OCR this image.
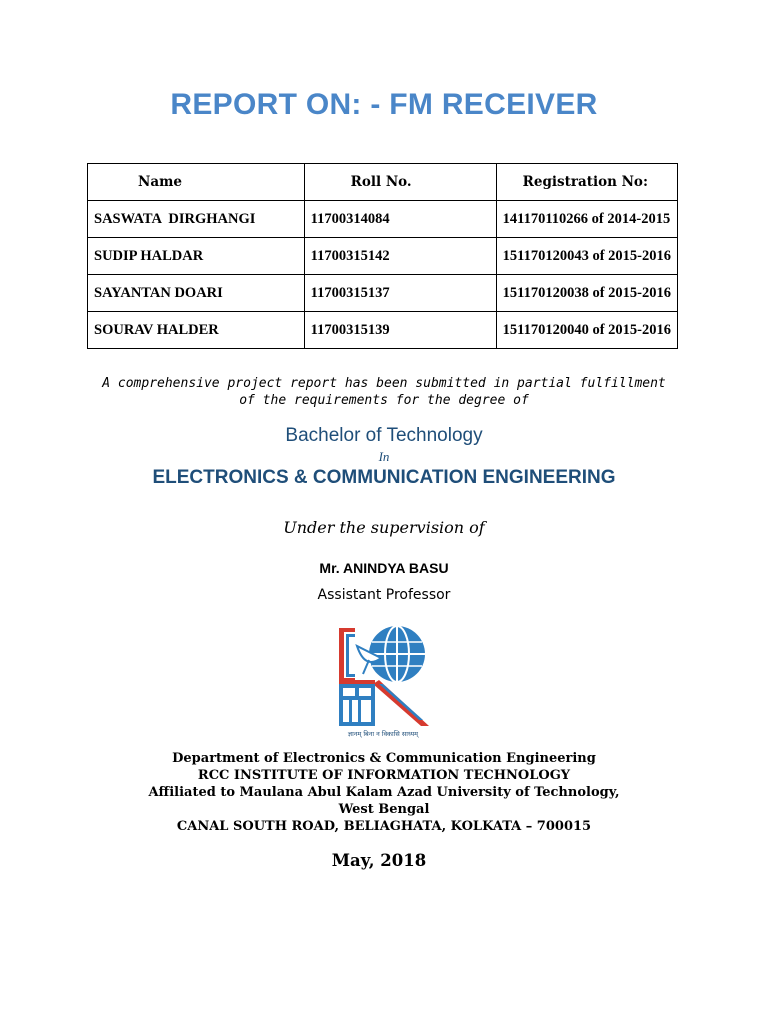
REPORT ON: - FM RECEIVER
Name	Roll No.	Registration No:
SASWATA  DIRGHANGI	11700314084	141170110266 of 2014-2015
SUDIP HALDAR	11700315142	151170120043 of 2015-2016
SAYANTAN DOARI	11700315137	151170120038 of 2015-2016
SOURAV HALDER	11700315139	151170120040 of 2015-2016
A comprehensive project report has been submitted in partial fulfillment
of the requirements for the degree of
Bachelor of Technology
In
ELECTRONICS & COMMUNICATION ENGINEERING
Under the supervision of
Mr. ANINDYA BASU
Assistant Professor
ज्ञानम् बिना न विकासि साध्यम्
Department of Electronics & Communication Engineering
RCC INSTITUTE OF INFORMATION TECHNOLOGY
Affiliated to Maulana Abul Kalam Azad University of Technology,
West Bengal
CANAL SOUTH ROAD, BELIAGHATA, KOLKATA – 700015
May, 2018
